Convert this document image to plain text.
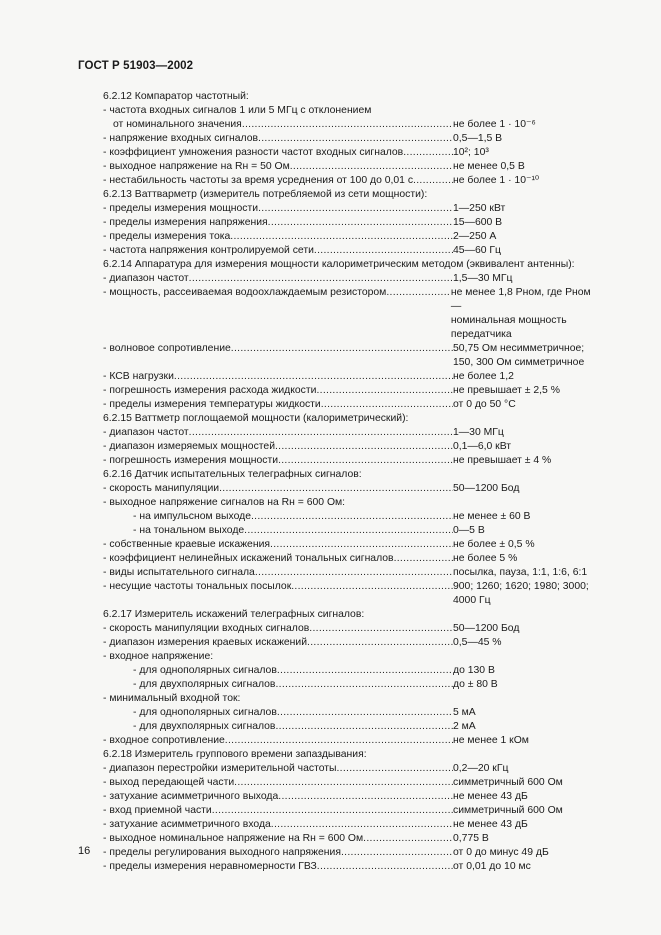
ГОСТ Р 51903—2002
6.2.12 Компаратор частотный:
- частота входных сигналов 1 или 5 МГц с отклонением
от номинального значения .....	не более 1 · 10⁻⁶
- напряжение входных сигналов .....	0,5—1,5 В
- коэффициент умножения разности частот входных сигналов .....	10²; 10³
- выходное напряжение на Rн = 50 Ом .....	не менее 0,5 В
- нестабильность частоты за время усреднения от 100 до 0,01 с .....	не более 1 · 10⁻¹⁰
6.2.13 Ваттварметр (измеритель потребляемой из сети мощности):
- пределы измерения мощности .....	1—250 кВт
- пределы измерения напряжения .....	15—600 В
- пределы измерения тока .....	2—250 А
- частота напряжения контролируемой сети .....	45—60 Гц
6.2.14 Аппаратура для измерения мощности калориметрическим методом (эквивалент антенны):
- диапазон частот .....	1,5—30 МГц
- мощность, рассеиваемая водоохлаждаемым резистором .....	не менее 1,8 Pном, где Pном —
номинальная мощность
передатчика
- волновое сопротивление .....	50,75 Ом несимметричное;
150, 300 Ом симметричное
- КСВ нагрузки .....	не более 1,2
- погрешность измерения расхода жидкости .....	не превышает ± 2,5 %
- пределы измерения температуры жидкости .....	от 0 до 50 °С
6.2.15 Ваттметр поглощаемой мощности (калориметрический):
- диапазон частот .....	1—30 МГц
- диапазон измеряемых мощностей .....	0,1—6,0 кВт
- погрешность измерения мощности .....	не превышает ± 4 %
6.2.16 Датчик испытательных телеграфных сигналов:
- скорость манипуляции .....	50—1200 Бод
- выходное напряжение сигналов на Rн = 600 Ом:
- на импульсном выходе .....	не менее ± 60 В
- на тональном выходе .....	0—5 В
- собственные краевые искажения .....	не более ± 0,5 %
- коэффициент нелинейных искажений тональных сигналов .....	не более 5 %
- виды испытательного сигнала .....	посылка, пауза, 1:1, 1:6, 6:1
- несущие частоты тональных посылок .....	900; 1260; 1620; 1980; 3000;
4000 Гц
6.2.17 Измеритель искажений телеграфных сигналов:
- скорость манипуляции входных сигналов .....	50—1200 Бод
- диапазон измерения краевых искажений .....	0,5—45 %
- входное напряжение:
- для однополярных сигналов .....	до 130 В
- для двухполярных сигналов .....	до ± 80 В
- минимальный входной ток:
- для однополярных сигналов .....	5 мА
- для двухполярных сигналов .....	2 мА
- входное сопротивление .....	не менее 1 кОм
6.2.18 Измеритель группового времени запаздывания:
- диапазон перестройки измерительной частоты .....	0,2—20 кГц
- выход передающей части .....	симметричный 600 Ом
- затухание асимметричного выхода .....	не менее 43 дБ
- вход приемной части .....	симметричный 600 Ом
- затухание асимметричного входа .....	не менее 43 дБ
- выходное номинальное напряжение на Rн = 600 Ом .....	0,775 В
- пределы регулирования выходного напряжения .....	от 0 до минус 49 дБ
- пределы измерения неравномерности ГВЗ .....	от 0,01 до 10 мс
16
